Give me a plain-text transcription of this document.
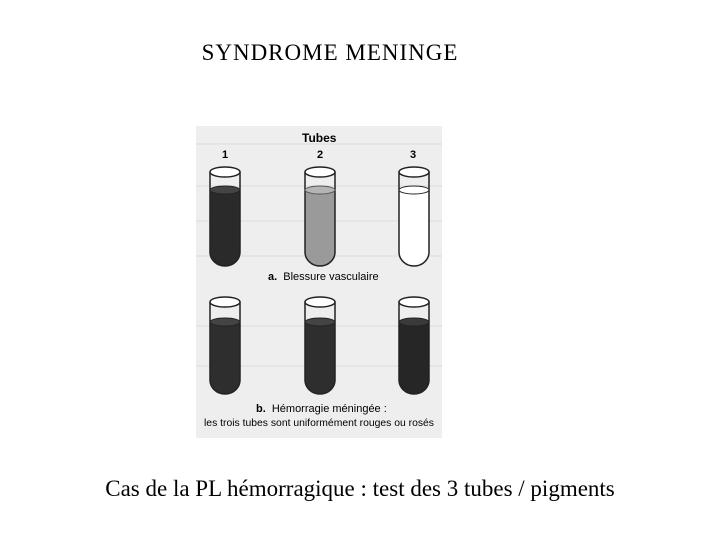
SYNDROME MENINGE
Tubes
1	2	3
a. Blessure vasculaire
b. Hémorragie méningée :
les trois tubes sont uniformément rouges ou rosés
Cas de la PL hémorragique : test des 3 tubes / pigments
